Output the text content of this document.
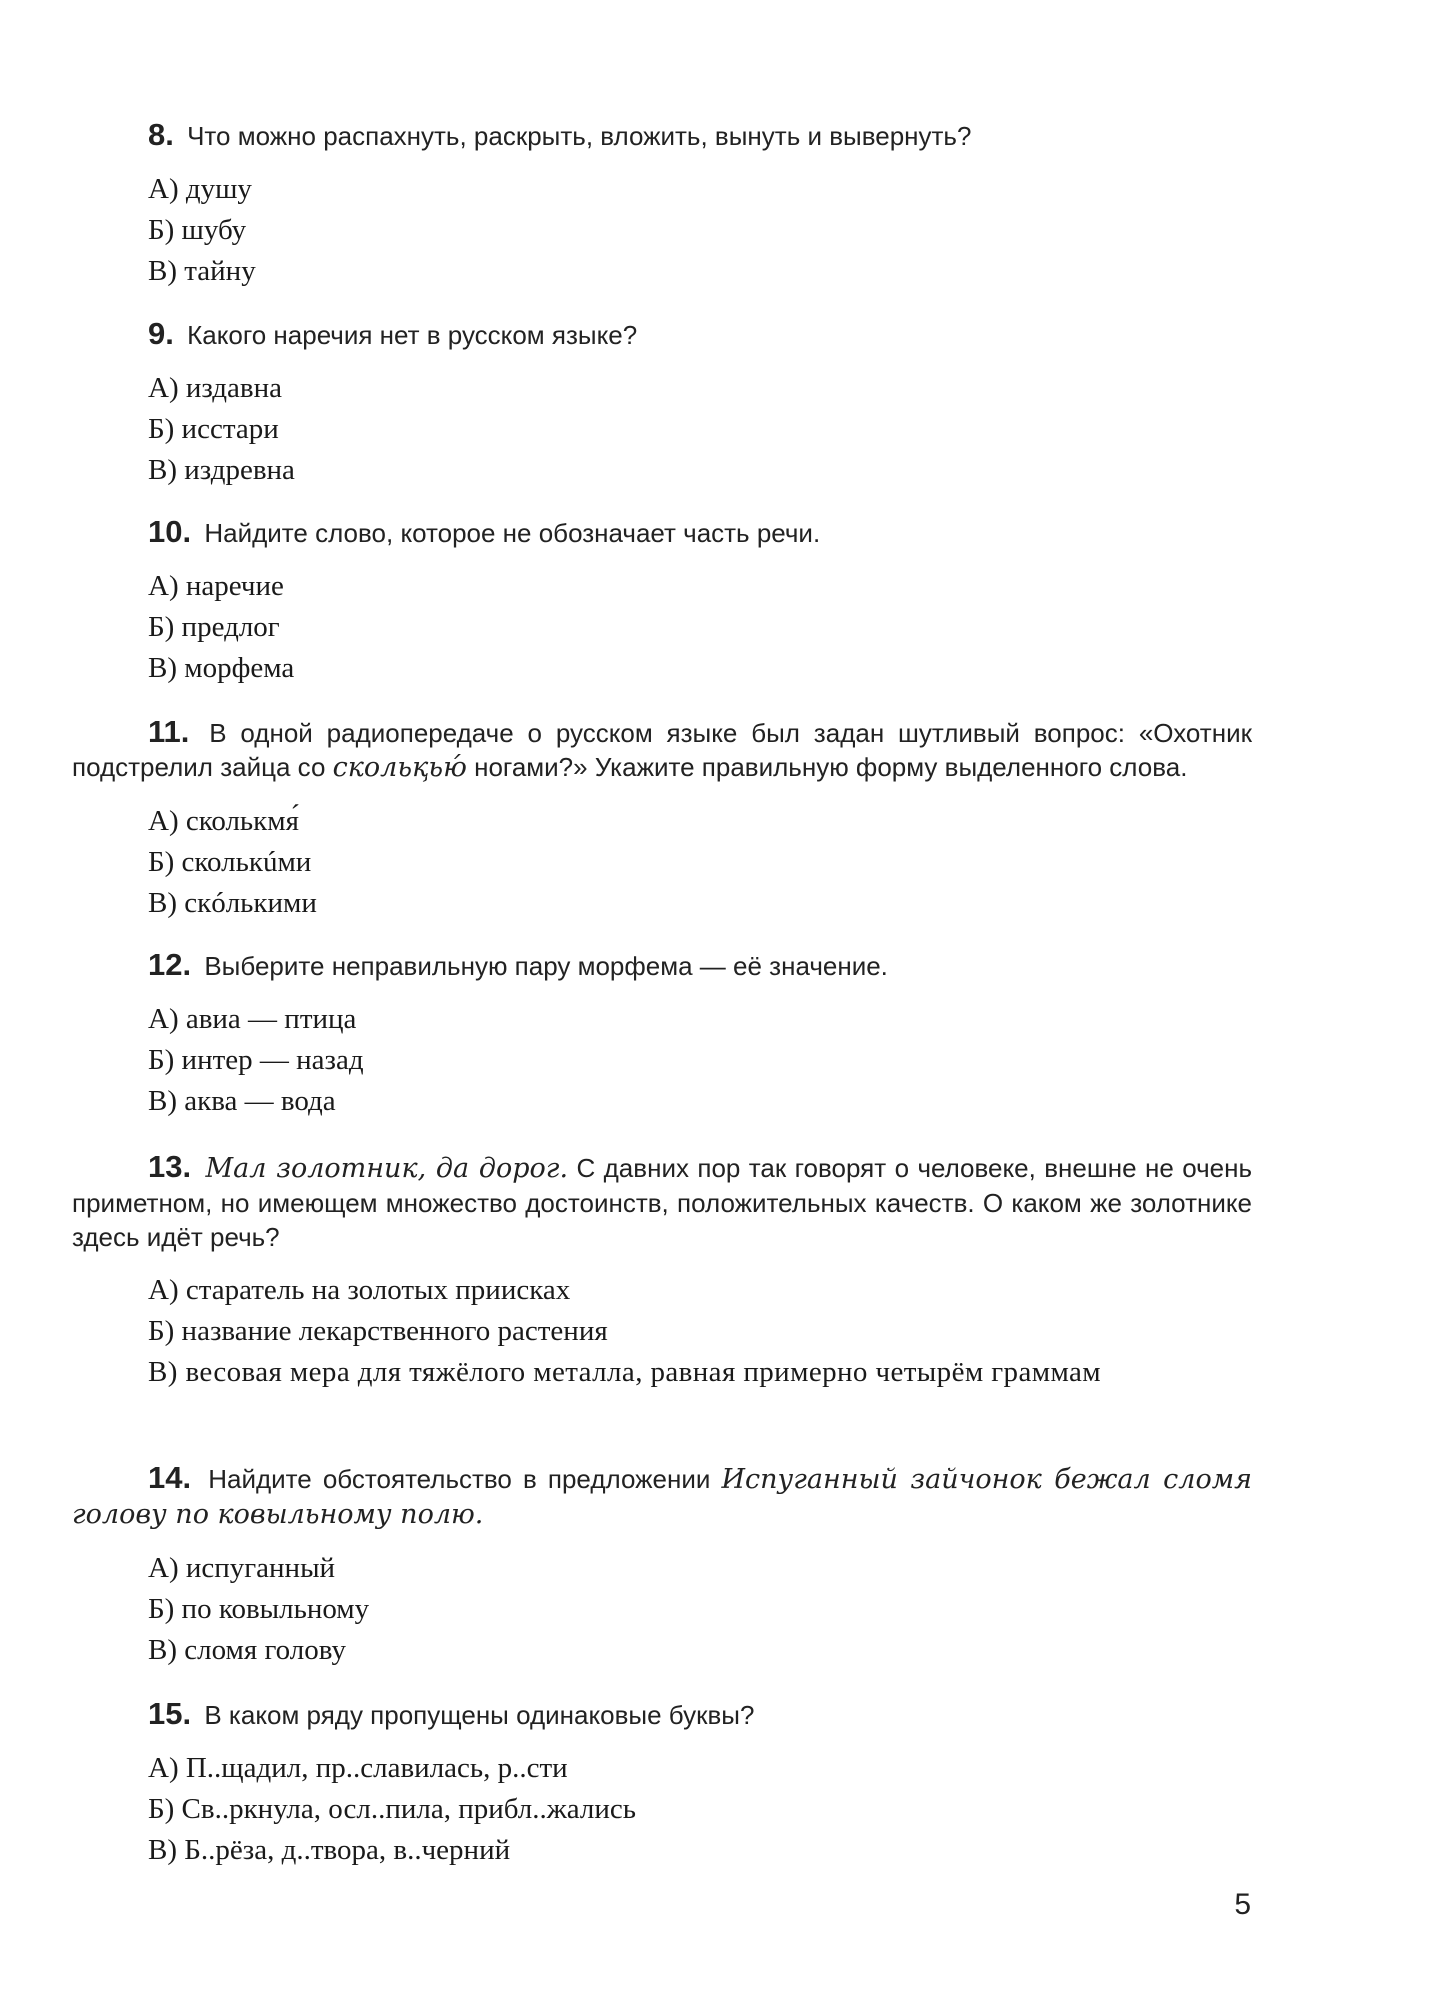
8. Что можно распахнуть, раскрыть, вложить, вынуть и вывернуть?

А) душу
Б) шубу
В) тайну

9. Какого наречия нет в русском языке?

А) издавна
Б) исстари
В) издревна

10. Найдите слово, которое не обозначает часть речи.

А) наречие
Б) предлог
В) морфема

11. В одной радиопередаче о русском языке был задан шутливый вопрос: «Охотник подстрелил зайца со скольқью́ ногами?» Укажите правильную форму выделенного слова.

А) сколькмя́
Б) сколькúми
В) скóлькими

12. Выберите неправильную пару морфема — её значение.

А) авиа — птица
Б) интер — назад
В) аква — вода

13. Мал золотник, да дорог. С давних пор так говорят о человеке, внешне не очень приметном, но имеющем множество достоинств, положительных качеств. О каком же золотнике здесь идёт речь?

А) старатель на золотых приисках
Б) название лекарственного растения
В) весовая мера для тяжёлого металла, равная примерно четырём граммам

14. Найдите обстоятельство в предложении Испуганный зайчонок бежал сломя голову по ковыльному полю.

А) испуганный
Б) по ковыльному
В) сломя голову

15. В каком ряду пропущены одинаковые буквы?

А) П..щадил, пр..славилась, р..сти
Б) Св..ркнула, осл..пила, прибл..жались
В) Б..рёза, д..твора, в..черний
5
